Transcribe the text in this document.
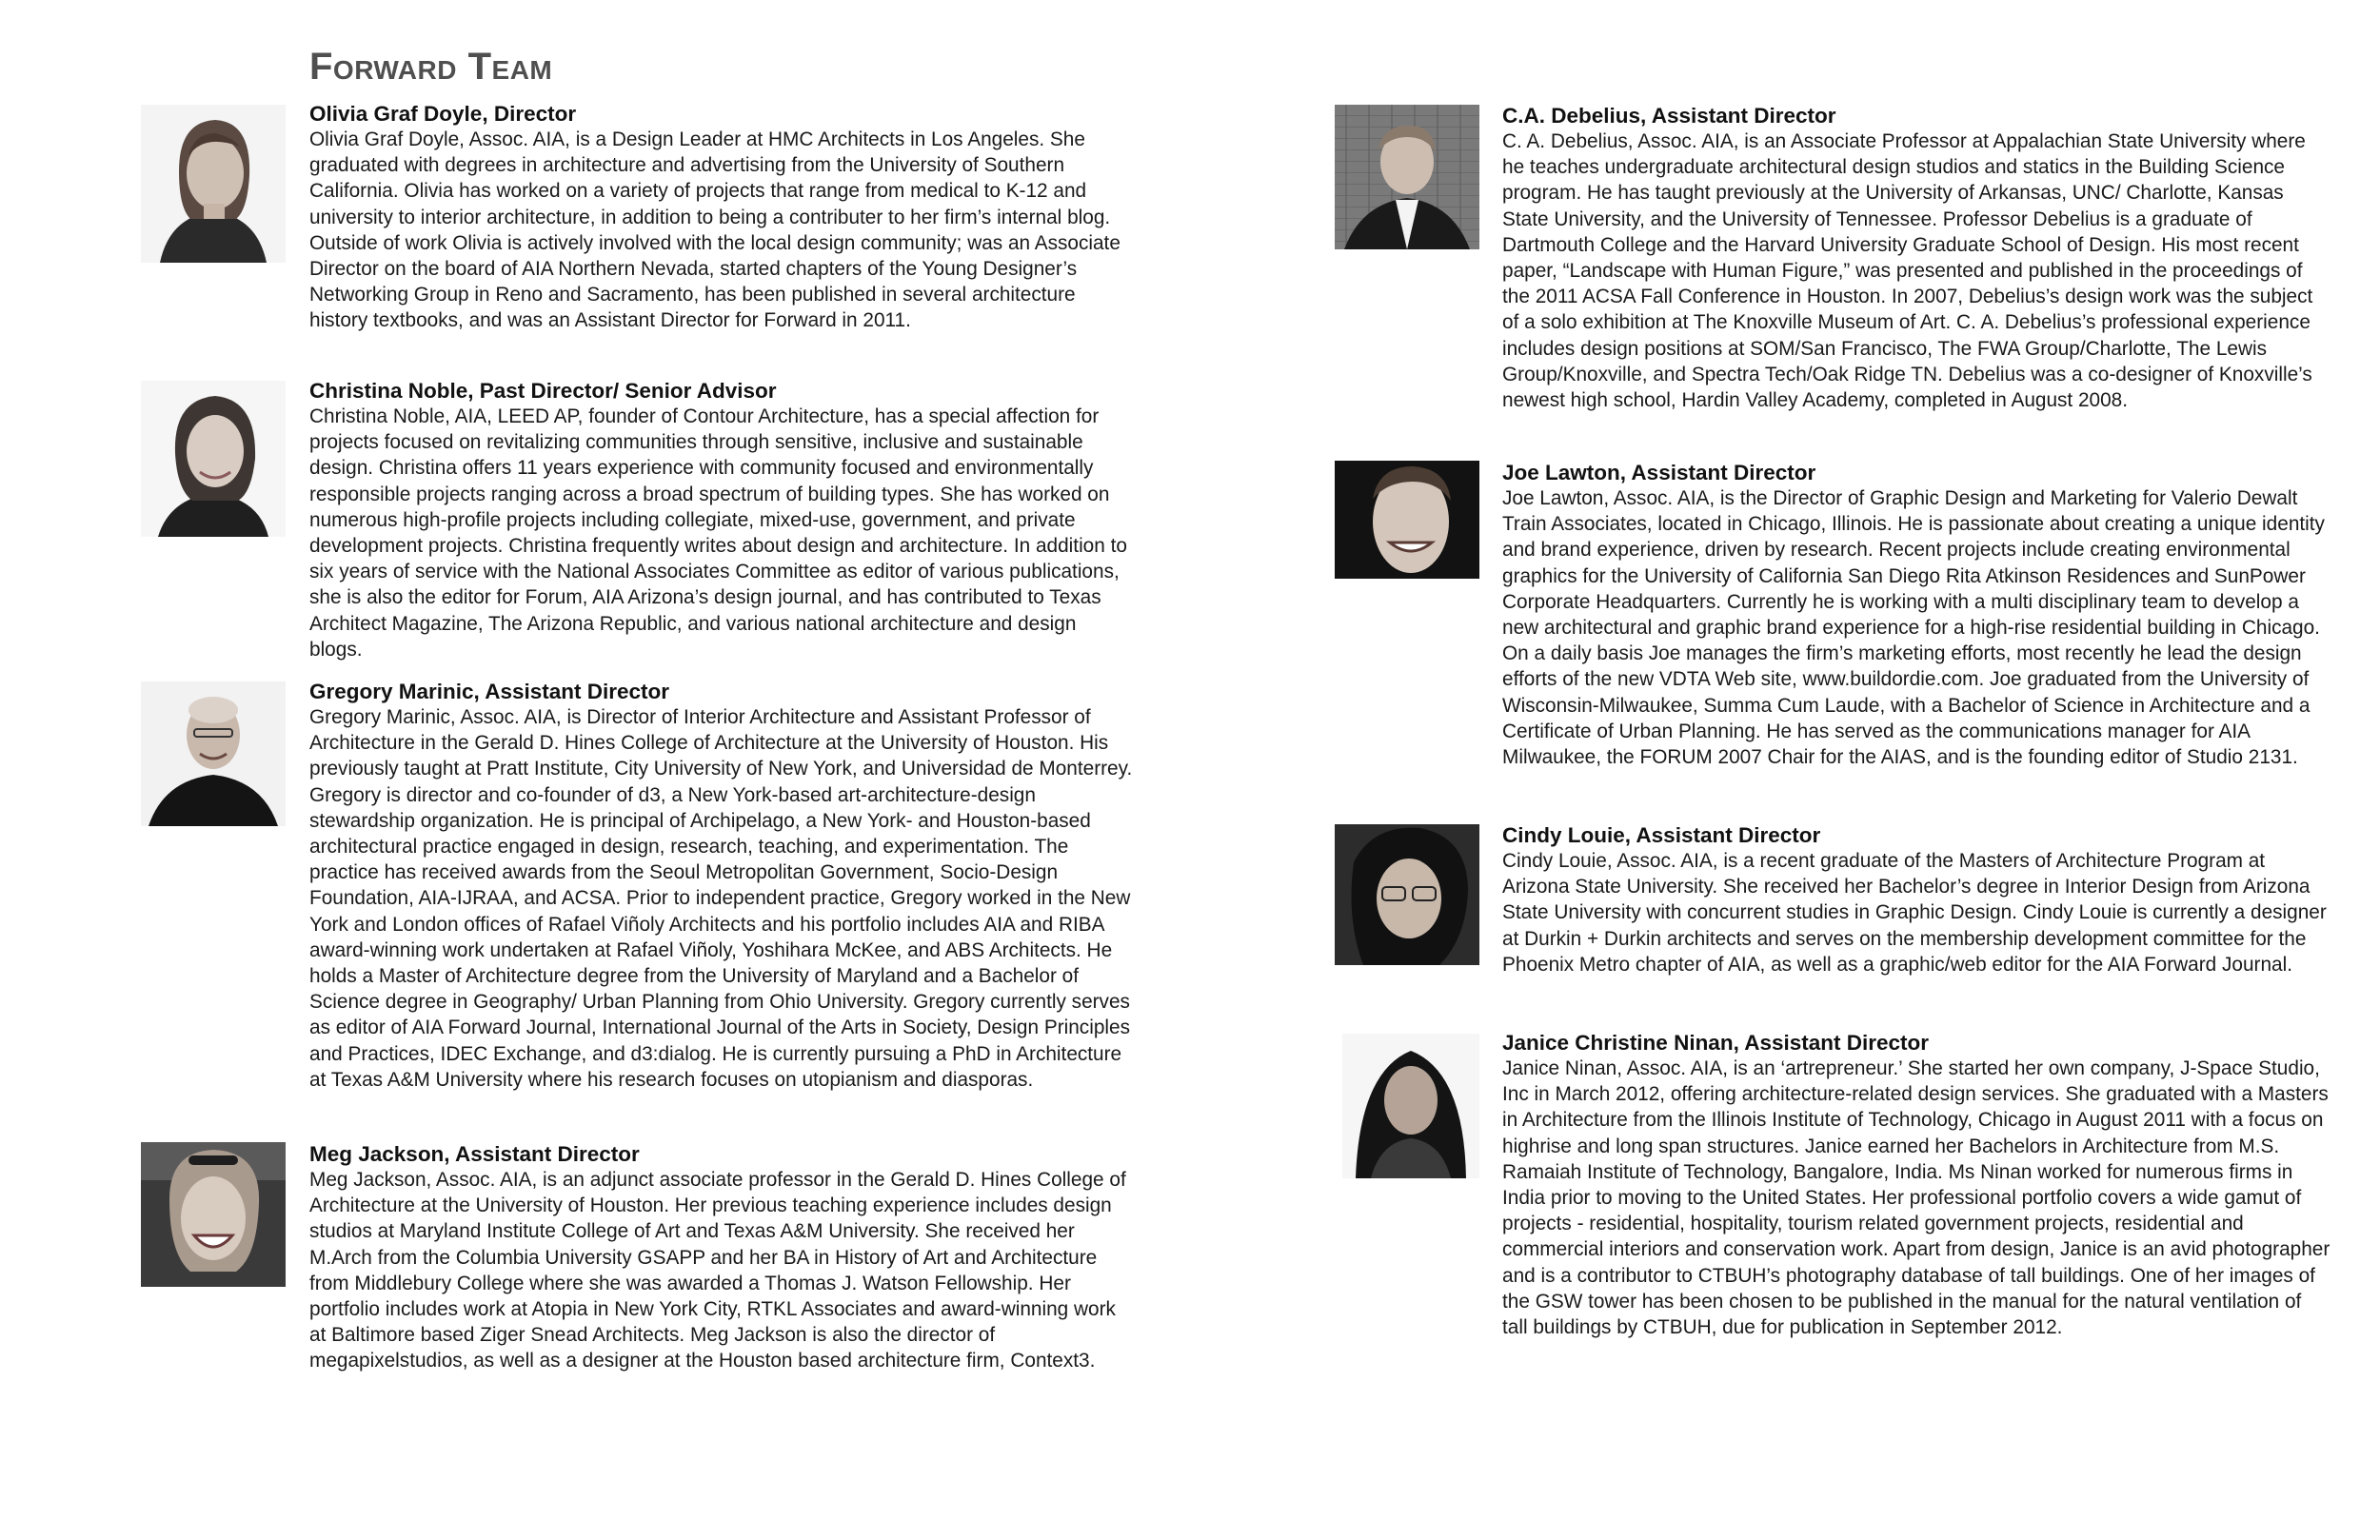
Forward Team
Olivia Graf Doyle, Director

Olivia Graf Doyle, Assoc. AIA, is a Design Leader at HMC Architects in Los Angeles. She graduated with degrees in architecture and advertising from the University of Southern California. Olivia has worked on a variety of projects that range from medical to K-12 and university to interior architecture, in addition to being a contributer to her firm’s internal blog. Outside of work Olivia is actively involved with the local design community; was an Associate Director on the board of AIA Northern Nevada, started chapters of the Young Designer’s Networking Group in Reno and Sacramento, has been published in several architecture history textbooks, and was an Assistant Director for Forward in 2011.

Christina Noble, Past Director/ Senior Advisor

Christina Noble, AIA, LEED AP, founder of Contour Architecture, has a special affection for projects focused on revitalizing communities through sensitive, inclusive and sustainable design. Christina offers 11 years experience with community focused and environmentally responsible projects ranging across a broad spectrum of building types. She has worked on numerous high-profile projects including collegiate, mixed-use, government, and private development projects. Christina frequently writes about design and architecture. In addition to six years of service with the National Associates Committee as editor of various publications, she is also the editor for Forum, AIA Arizona’s design journal, and has contributed to Texas Architect Magazine, The Arizona Republic, and various national architecture and design blogs.

Gregory Marinic, Assistant Director

Gregory Marinic, Assoc. AIA, is Director of Interior Architecture and Assistant Professor of Architecture in the Gerald D. Hines College of Architecture at the University of Houston. His previously taught at Pratt Institute, City University of New York, and Universidad de Monterrey. Gregory is director and co-founder of d3, a New York-based art-architecture-design stewardship organization. He is principal of Archipelago, a New York- and Houston-based architectural practice engaged in design, research, teaching, and experimentation. The practice has received awards from the Seoul Metropolitan Government, Socio-Design Foundation, AIA-IJRAA, and ACSA. Prior to independent practice, Gregory worked in the New York and London offices of Rafael Viñoly Architects and his portfolio includes AIA and RIBA award-winning work undertaken at Rafael Viñoly, Yoshihara McKee, and ABS Architects. He holds a Master of Architecture degree from the University of Maryland and a Bachelor of Science degree in Geography/ Urban Planning from Ohio University. Gregory currently serves as editor of AIA Forward Journal, International Journal of the Arts in Society, Design Principles and Practices, IDEC Exchange, and d3:dialog. He is currently pursuing a PhD in Architecture at Texas A&M University where his research focuses on utopianism and diasporas.

Meg Jackson, Assistant Director

Meg Jackson, Assoc. AIA, is an adjunct associate professor in the Gerald D. Hines College of Architecture at the University of Houston. Her previous teaching experience includes design studios at Maryland Institute College of Art and Texas A&M University. She received her M.Arch from the Columbia University GSAPP and her BA in History of Art and Architecture from Middlebury College where she was awarded a Thomas J. Watson Fellowship. Her portfolio includes work at Atopia in New York City, RTKL Associates and award-winning work at Baltimore based Ziger Snead Architects. Meg Jackson is also the director of megapixelstudios, as well as a designer at the Houston based architecture firm, Context3.

C.A. Debelius, Assistant Director

C. A. Debelius, Assoc. AIA, is an Associate Professor at Appalachian State University where he teaches undergraduate architectural design studios and statics in the Building Science program. He has taught previously at the University of Arkansas, UNC/ Charlotte, Kansas State University, and the University of Tennessee. Professor Debelius is a graduate of Dartmouth College and the Harvard University Graduate School of Design. His most recent paper, “Landscape with Human Figure,” was presented and published in the proceedings of the 2011 ACSA Fall Conference in Houston. In 2007, Debelius’s design work was the subject of a solo exhibition at The Knoxville Museum of Art. C. A. Debelius’s professional experience includes design positions at SOM/San Francisco, The FWA Group/Charlotte, The Lewis Group/Knoxville, and Spectra Tech/Oak Ridge TN. Debelius was a co-designer of Knoxville’s newest high school, Hardin Valley Academy, completed in August 2008.

Joe Lawton, Assistant Director

Joe Lawton, Assoc. AIA, is the Director of Graphic Design and Marketing for Valerio Dewalt Train Associates, located in Chicago, Illinois. He is passionate about creating a unique identity and brand experience, driven by research. Recent projects include creating environmental graphics for the University of California San Diego Rita Atkinson Residences and SunPower Corporate Headquarters. Currently he is working with a multi disciplinary team to develop a new architectural and graphic brand experience for a high-rise residential building in Chicago. On a daily basis Joe manages the firm’s marketing efforts, most recently he lead the design efforts of the new VDTA Web site, www.buildordie.com. Joe graduated from the University of Wisconsin-Milwaukee, Summa Cum Laude, with a Bachelor of Science in Architecture and a Certificate of Urban Planning. He has served as the communications manager for AIA Milwaukee, the FORUM 2007 Chair for the AIAS, and is the founding editor of Studio 2131.

Cindy Louie, Assistant Director

Cindy Louie, Assoc. AIA, is a recent graduate of the Masters of Architecture Program at Arizona State University. She received her Bachelor’s degree in Interior Design from Arizona State University with concurrent studies in Graphic Design. Cindy Louie is currently a designer at Durkin + Durkin architects and serves on the membership development committee for the Phoenix Metro chapter of AIA, as well as a graphic/web editor for the AIA Forward Journal.

Janice Christine Ninan, Assistant Director

Janice Ninan, Assoc. AIA, is an ‘artrepreneur.’ She started her own company, J-Space Studio, Inc in March 2012, offering architecture-related design services. She graduated with a Masters in Architecture from the Illinois Institute of Technology, Chicago in August 2011 with a focus on highrise and long span structures. Janice earned her Bachelors in Architecture from M.S. Ramaiah Institute of Technology, Bangalore, India. Ms Ninan worked for numerous firms in India prior to moving to the United States. Her professional portfolio covers a wide gamut of projects - residential, hospitality, tourism related government projects, residential and commercial interiors and conservation work. Apart from design, Janice is an avid photographer and is a contributor to CTBUH’s photography database of tall buildings. One of her images of the GSW tower has been chosen to be published in the manual for the natural ventilation of tall buildings by CTBUH, due for publication in September 2012.
